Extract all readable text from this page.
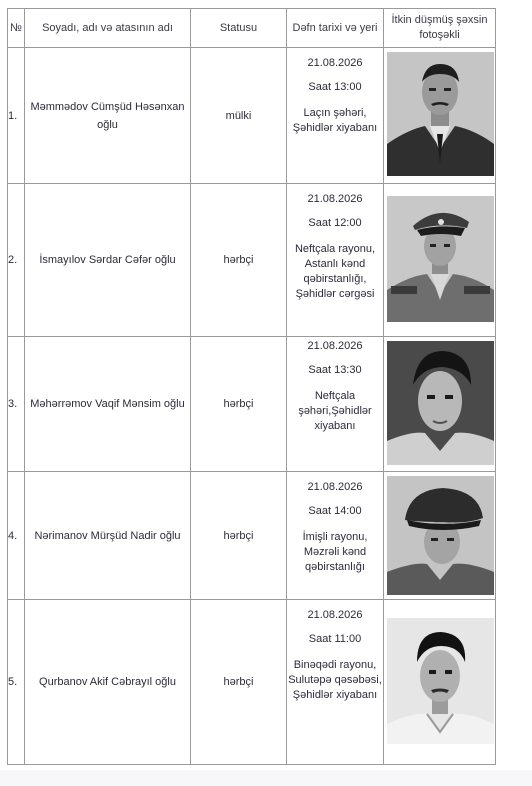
№	Soyadı, adı və atasının adı	Statusu	Dəfn tarixi və yeri	İtkin düşmüş şəxsin fotoşəkli
1.	Məmmədov Cümşüd Həsənxan oğlu	mülki	21.08.2026
Saat 13:00
Laçın şəhəri, Şəhidlər xiyabanı

2.	İsmayılov Sərdar Cəfər oğlu	hərbçi	21.08.2026
Saat 12:00
Neftçala rayonu, Astanlı kənd qəbirstanlığı, Şəhidlər cərgəsi

3.	Məhərrəmov Vaqif Mənsim oğlu	hərbçi	21.08.2026
Saat 13:30
Neftçala şəhəri,Şəhidlər xiyabanı

4.	Nərimanov Mürşüd Nadir oğlu	hərbçi	21.08.2026
Saat 14:00
İmişli rayonu, Məzrəli kənd qəbirstanlığı

5.	Qurbanov Akif Cəbrayıl oğlu	hərbçi	21.08.2026
Saat 11:00
Binəqədi rayonu, Sulutəpə qəsəbəsi, Şəhidlər xiyabanı
